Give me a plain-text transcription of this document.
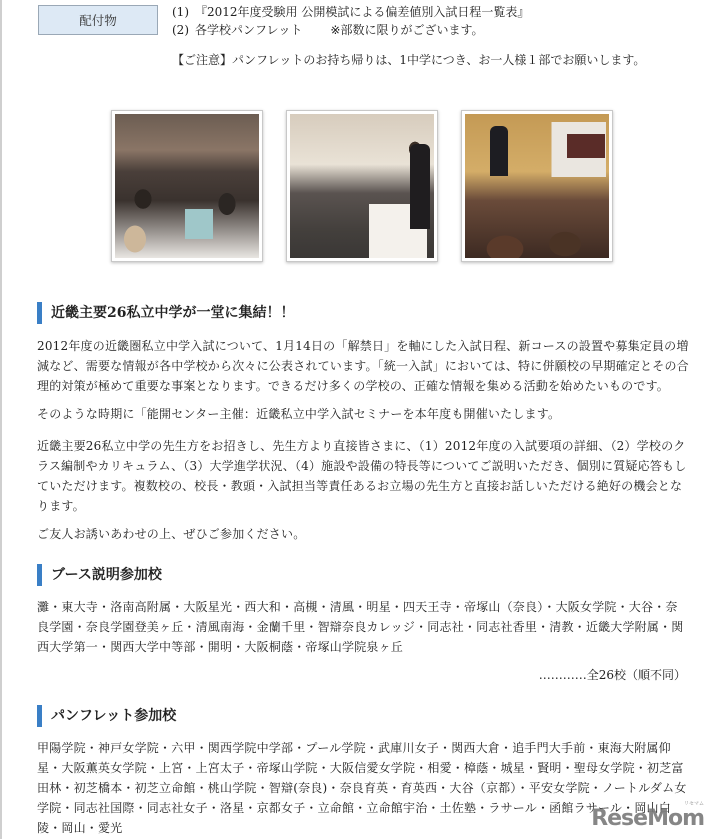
配付物
(1) 『2012年度受験用 公開模試による偏差値別入試日程一覧表』
(2) 各学校パンフレット ※部数に限りがございます。
【ご注意】パンフレットのお持ち帰りは、1中学につき、お一人様１部でお願いします。
近畿主要26私立中学が一堂に集結！！

2012年度の近畿圏私立中学入試について、1月14日の「解禁日」を軸にした入試日程、新コースの設置や募集定員の増減など、需要な情報が各中学校から次々に公表されています。「統一入試」においては、特に併願校の早期確定とその合理的対策が極めて重要な事案となります。できるだけ多くの学校の、正確な情報を集める活動を始めたいものです。

そのような時期に「能開センター主催：近畿私立中学入試セミナーを本年度も開催いたします。

近畿主要26私立中学の先生方をお招きし、先生方より直接皆さまに、（1）2012年度の入試要項の詳細、（2）学校のクラス編制やカリキュラム、（3）大学進学状況、（4）施設や設備の特長等についてご説明いただき、個別に質疑応答もしていただけます。複数校の、校長・教頭・入試担当等責任あるお立場の先生方と直接お話しいただける絶好の機会となります。

ご友人お誘いあわせの上、ぜひご参加ください。

ブース説明参加校

灘・東大寺・洛南高附属・大阪星光・西大和・高槻・清風・明星・四天王寺・帝塚山（奈良）・大阪女学院・大谷・奈良学園・奈良学園登美ヶ丘・清風南海・金蘭千里・智辯奈良カレッジ・同志社・同志社香里・清教・近畿大学附属・関西大学第一・関西大学中等部・開明・大阪桐蔭・帝塚山学院泉ヶ丘

…………全26校（順不同）
パンフレット参加校

甲陽学院・神戸女学院・六甲・関西学院中学部・プール学院・武庫川女子・関西大倉・追手門大手前・東海大附属仰星・大阪薫英女学院・上宮・上宮太子・帝塚山学院・大阪信愛女学院・相愛・樟蔭・城星・賢明・聖母女学院・初芝富田林・初芝橋本・初芝立命館・桃山学院・智辯(奈良)・奈良育英・育英西・大谷（京都）・平安女学院・ノートルダム女学院・同志社国際・同志社女子・洛星・京都女子・立命館・立命館宇治・土佐塾・ラサール・函館ラサール・岡山白陵・岡山・愛光	ReseMom
リセマム
